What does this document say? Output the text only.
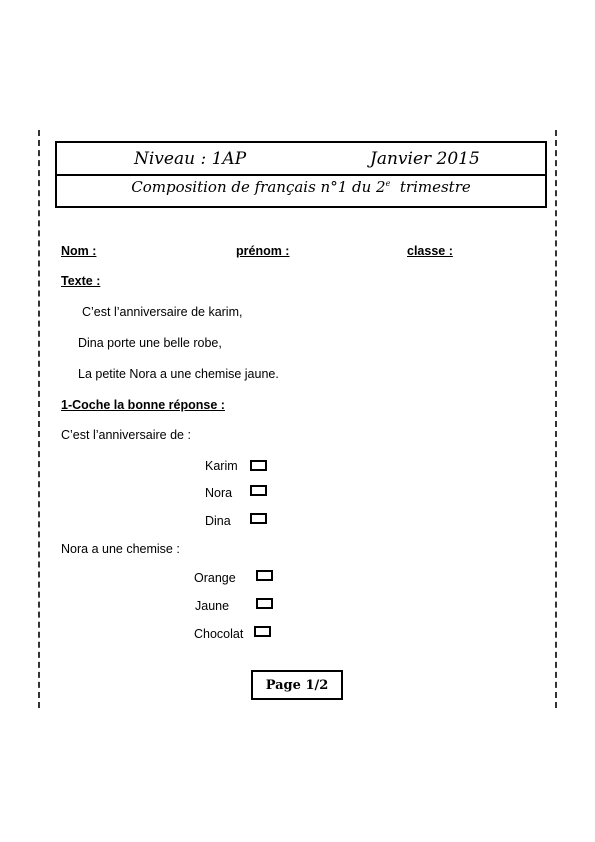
Niveau : 1AP	Janvier 2015
Composition de français n°1 du 2e trimestre
Nom :	prénom :	classe :
Texte :
C’est l’anniversaire de karim,
Dina porte une belle robe,
La petite Nora a une chemise jaune.
1-Coche la bonne réponse :
C’est l’anniversaire de :
Karim
Nora
Dina
Nora a une chemise :
Orange
Jaune
Chocolat
Page 1/2
